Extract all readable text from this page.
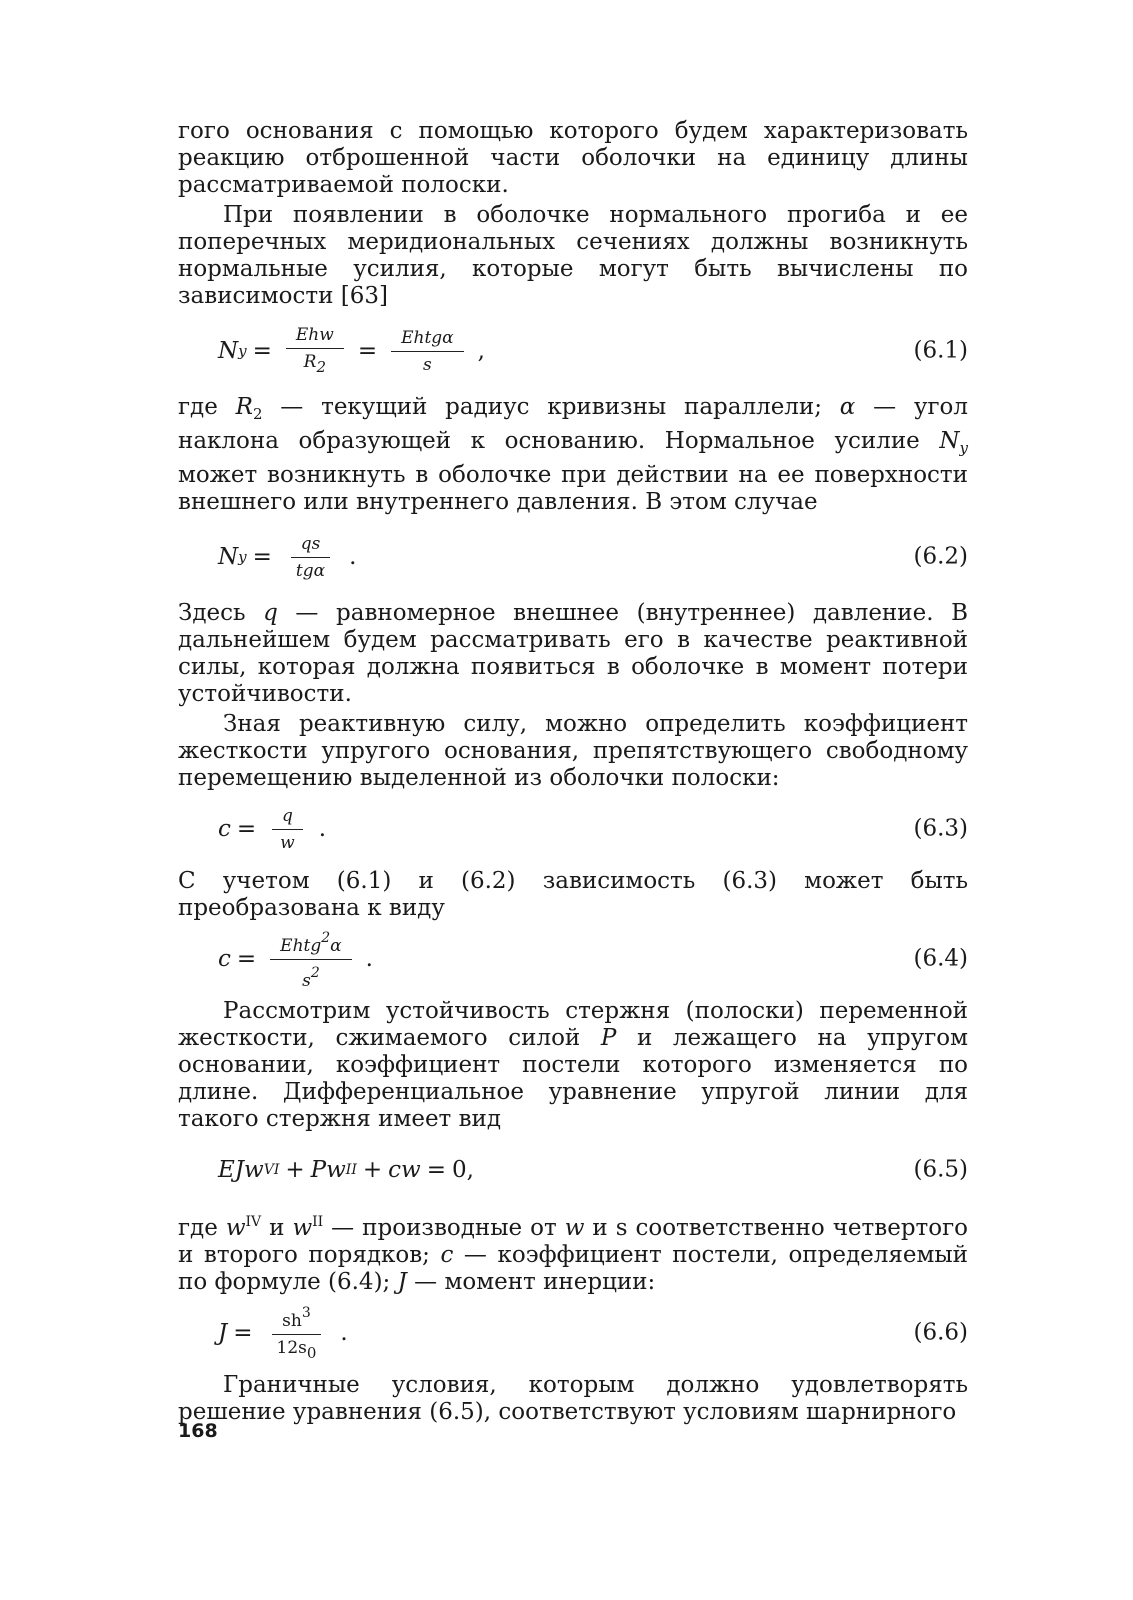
гого основания с помощью которого будем характеризовать реакцию отброшенной части оболочки на единицу длины рассматриваемой полоски.

При появлении в оболочке нормального прогиба и ее поперечных меридиональных сечениях должны возникнуть нормальные усилия, которые могут быть вычислены по зависимости [63]

N $y = \frac{\text{Ehw}}{R2} = \frac{\text{Ehtgα}}{s}$ ,	(6.1)

где $R_2$ — текущий радиус кривизны параллели; α — угол наклона образующей к основанию. Нормальное усилие $N_y$ может возникнуть в оболочке при действии на ее поверхности внешнего или внутреннего давления. В этом случае

N $y = \frac{qs}{\text{tgα}}$ .	(6.2)

Здесь q — равномерное внешнее (внутреннее) давление. В дальнейшем будем рассматривать его в качестве реактивной силы, которая должна появиться в оболочке в момент потери устойчивости.

Зная реактивную силу, можно определить коэффициент жесткости упругого основания, препятствующего свободному перемещению выделенной из оболочки полоски:

$c = \frac{q}{w}$ .	(6.3)

С учетом (6.1) и (6.2) зависимость (6.3) может быть преобразована к виду

$c = \frac{Ehtg^2\alpha}{s^2}$ .	(6.4)

Рассмотрим устойчивость стержня (полоски) переменной жесткости, сжимаемого силой P и лежащего на упругом основании, коэффициент постели которого изменяется по длине. Дифференциальное уравнение упругой линии для такого стержня имеет вид

EJw VI + Pw II + cw = 0,	(6.5)

где $w^{IV}$ и $w^{II}$ — производные от w и s соответственно четвертого и второго порядков; c — коэффициент постели, определяемый по формуле (6.4); J — момент инерции:

$J = \frac{sh^3}{12s0}$ .	(6.6)

Граничные условия, которым должно удовлетворять решение уравнения (6.5), соответствуют условиям шарнирного

168
